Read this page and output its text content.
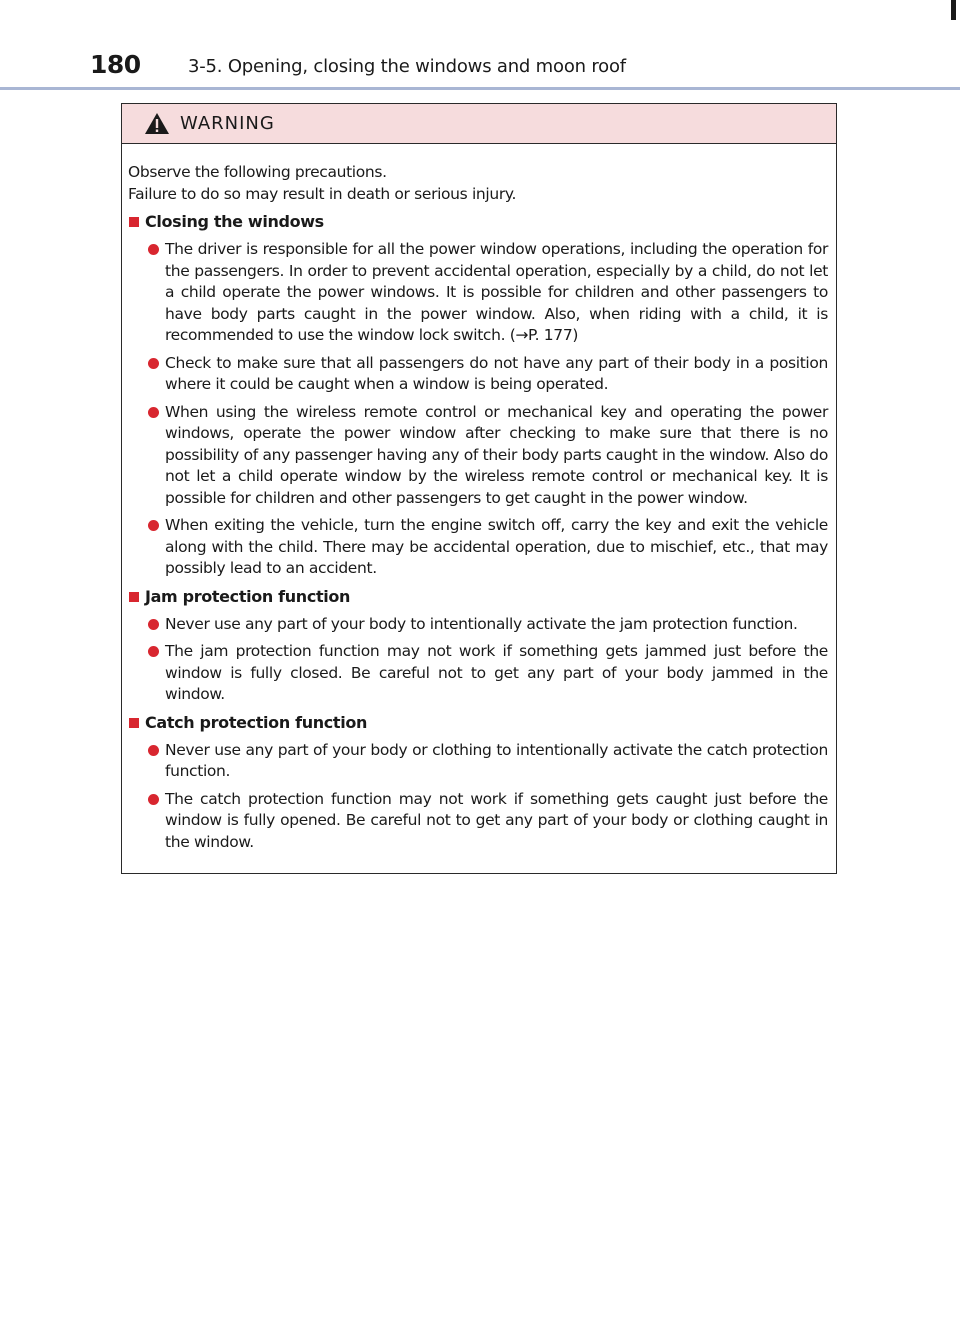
180	3-5. Opening, closing the windows and moon roof
WARNING

Observe the following precautions.

Failure to do so may result in death or serious injury.

Closing the windows
The driver is responsible for all the power window operations, including the operation for the passengers. In order to prevent accidental operation, especially by a child, do not let a child operate the power windows. It is possible for children and other passengers to have body parts caught in the power window. Also, when riding with a child, it is recommended to use the window lock switch. (→P. 177)
Check to make sure that all passengers do not have any part of their body in a position where it could be caught when a window is being operated.
When using the wireless remote control or mechanical key and operating the power windows, operate the power window after checking to make sure that there is no possibility of any passenger having any of their body parts caught in the window. Also do not let a child operate window by the wireless remote control or mechanical key. It is possible for children and other passengers to get caught in the power window.
When exiting the vehicle, turn the engine switch off, carry the key and exit the vehicle along with the child. There may be accidental operation, due to mischief, etc., that may possibly lead to an accident.
Jam protection function
Never use any part of your body to intentionally activate the jam protection function.
The jam protection function may not work if something gets jammed just before the window is fully closed. Be careful not to get any part of your body jammed in the window.
Catch protection function
Never use any part of your body or clothing to intentionally activate the catch protection function.
The catch protection function may not work if something gets caught just before the window is fully opened. Be careful not to get any part of your body or clothing caught in the window.
